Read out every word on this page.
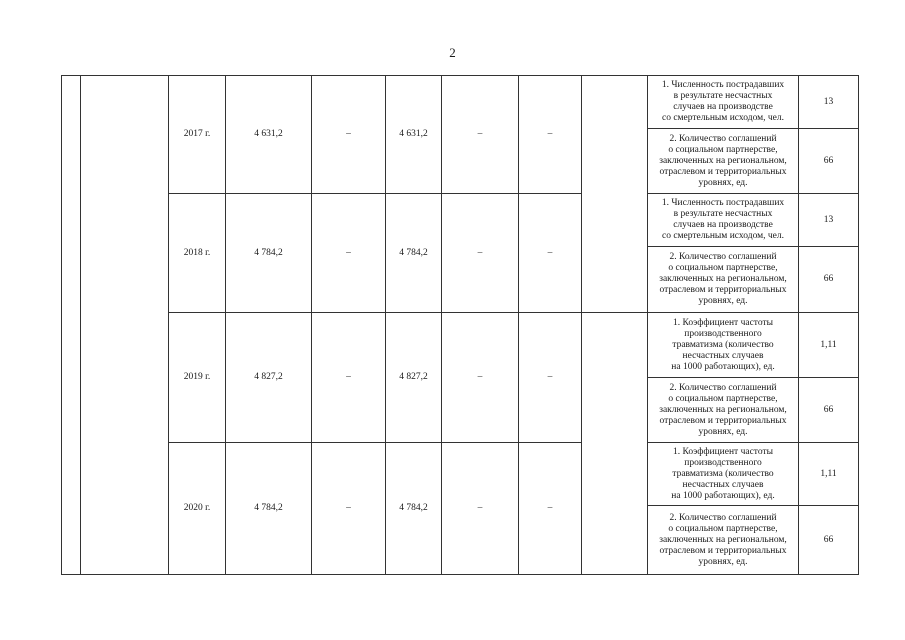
2
		2017 г.	4 631,2	–	4 631,2	–	–		1. Численность пострадавших
в результате несчастных
случаев на производстве
со смертельным исходом, чел.	13

									2. Количество соглашений
о социальном партнерстве,
заключенных на региональном,
отраслевом и территориальных
уровнях, ед.	66
		2018 г.	4 784,2	–	4 784,2	–	–		1. Численность пострадавших
в результате несчастных
случаев на производстве
со смертельным исходом, чел.	13

									2. Количество соглашений
о социальном партнерстве,
заключенных на региональном,
отраслевом и территориальных
уровнях, ед.	66
		2019 г.	4 827,2	–	4 827,2	–	–		1. Коэффициент частоты
производственного
травматизма (количество
несчастных случаев
на 1000 работающих), ед.	1,11

									2. Количество соглашений
о социальном партнерстве,
заключенных на региональном,
отраслевом и территориальных
уровнях, ед.	66
		2020 г.	4 784,2	–	4 784,2	–	–		1. Коэффициент частоты
производственного
травматизма (количество
несчастных случаев
на 1000 работающих), ед.	1,11

									2. Количество соглашений
о социальном партнерстве,
заключенных на региональном,
отраслевом и территориальных
уровнях, ед.	66
